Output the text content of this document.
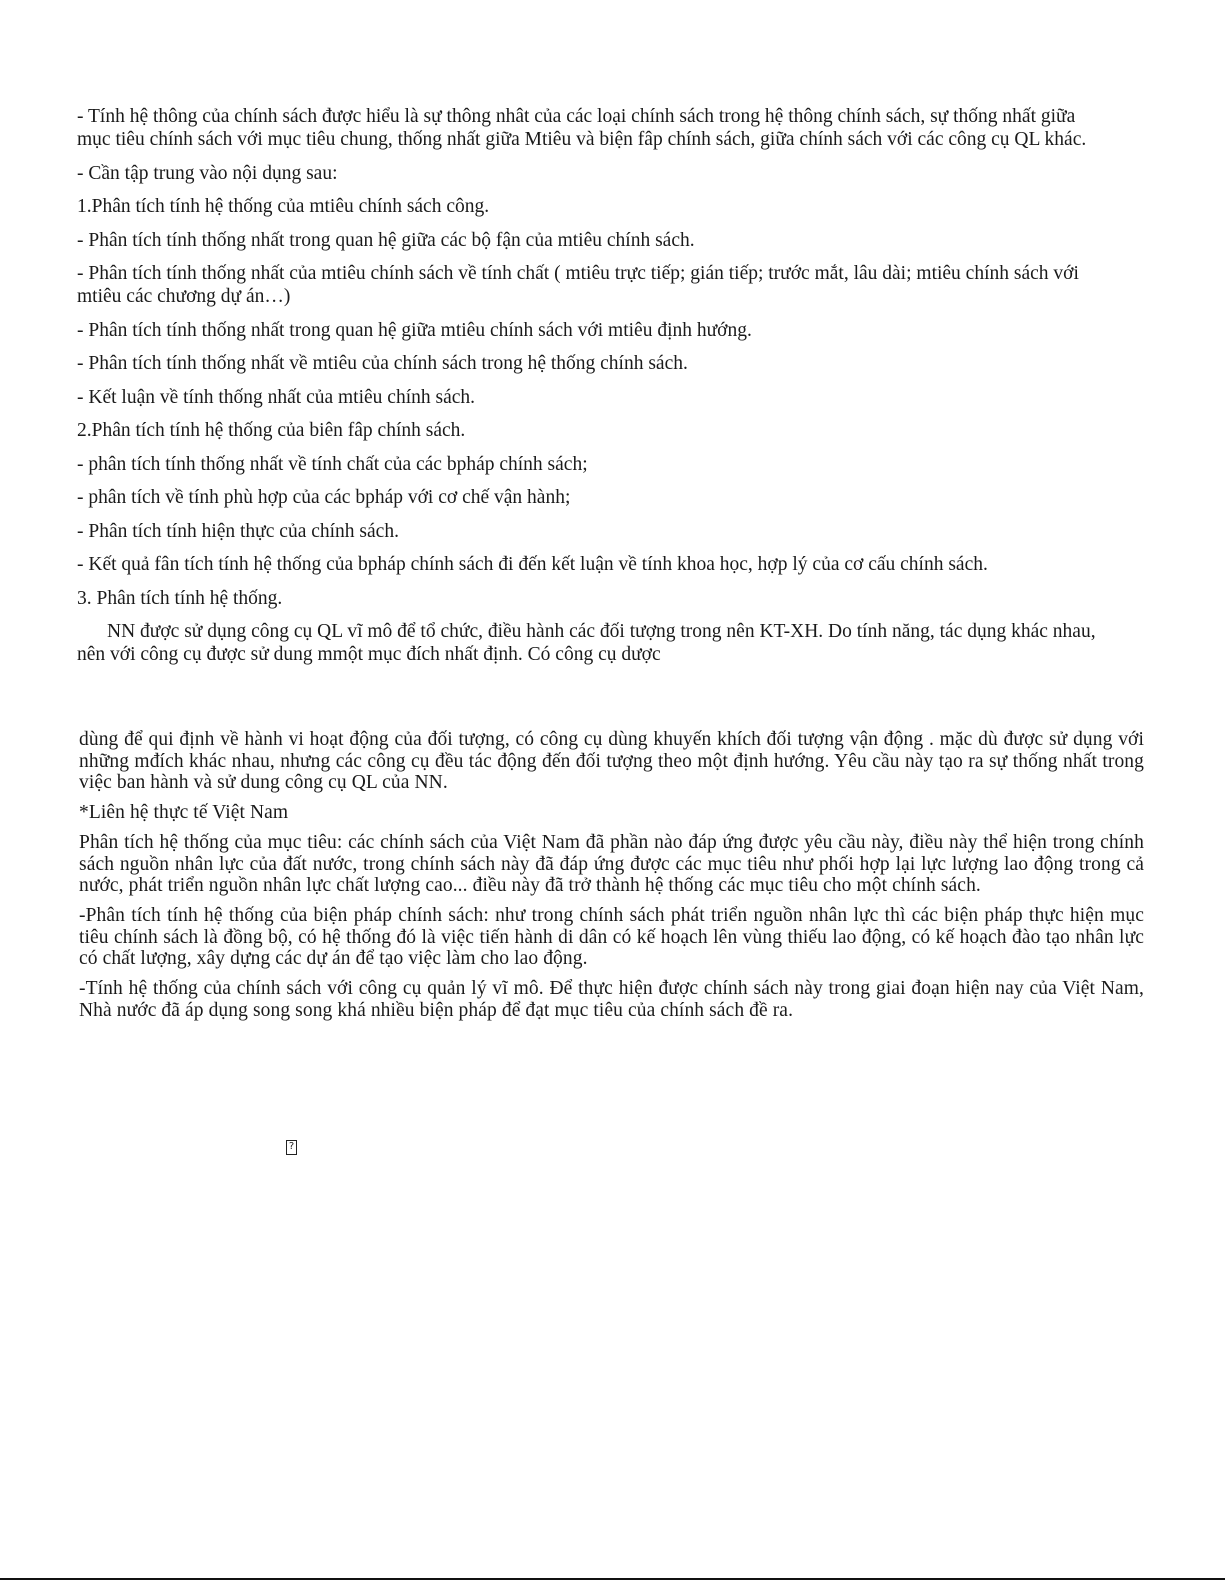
- Tính hệ thông của chính sách được hiểu là sự thông nhât của các loại chính sách trong hệ thông chính sách, sự thống nhất giữa mục tiêu chính sách với mục tiêu chung, thống nhất giữa Mtiêu và biện fâp chính sách, giữa chính sách với các công cụ QL khác.

- Cần tập trung vào nội dụng sau:

1.Phân tích tính hệ thống của mtiêu chính sách công.

- Phân tích tính thống nhất trong quan hệ giữa các bộ fận của mtiêu chính sách.

- Phân tích tính thống nhất của mtiêu chính sách về tính chất ( mtiêu trực tiếp; gián tiếp; trước mắt, lâu dài; mtiêu chính sách với mtiêu các chương dự án…)

- Phân tích tính thống nhất trong quan hệ giữa mtiêu chính sách với mtiêu định hướng.

- Phân tích tính thống nhất về mtiêu của chính sách trong hệ thống chính sách.

- Kết luận về tính thống nhất của mtiêu chính sách.

2.Phân tích tính hệ thống của biên fâp chính sách.

- phân tích tính thống nhất về tính chất của các bpháp chính sách;

- phân tích về tính phù hợp của các bpháp với cơ chế vận hành;

- Phân tích tính hiện thực của chính sách.

- Kết quả fân tích tính hệ thống của bpháp chính sách đi đến kết luận về tính khoa học, hợp lý của cơ cấu chính sách.

3. Phân tích tính hệ thống.

NN được sử dụng công cụ QL vĩ mô để tổ chức, điều hành các đối tượng trong nên KT-XH. Do tính năng, tác dụng khác nhau, nên với công cụ được sử dung mmột mục đích nhất định. Có công cụ dược

dùng để qui định về hành vi hoạt động của đối tượng, có công cụ dùng khuyến khích đối tượng vận động . mặc dù được sử dụng với những mđích khác nhau, nhưng các công cụ đều tác động đến đối tượng theo một định hướng. Yêu cầu này tạo ra sự thống nhất trong việc ban hành và sử dung công cụ QL của NN.

*Liên hệ thực tế Việt Nam

Phân tích hệ thống của mục tiêu: các chính sách của Việt Nam đã phần nào đáp ứng được yêu cầu này, điều này thể hiện trong chính sách nguồn nhân lực của đất nước, trong chính sách này đã đáp ứng được các mục tiêu như phối hợp lại lực lượng lao động trong cả nước, phát triển nguồn nhân lực chất lượng cao... điều này đã trở thành hệ thống các mục tiêu cho một chính sách.

-Phân tích tính hệ thống của biện pháp chính sách: như trong chính sách phát triển nguồn nhân lực thì các biện pháp thực hiện mục tiêu chính sách là đồng bộ, có hệ thống đó là việc tiến hành di dân có kế hoạch lên vùng thiếu lao động, có kế hoạch đào tạo nhân lực có chất lượng, xây dựng các dự án để tạo việc làm cho lao động.

-Tính hệ thống của chính sách với công cụ quản lý vĩ mô. Để thực hiện được chính sách này trong giai đoạn hiện nay của Việt Nam, Nhà nước đã áp dụng song song khá nhiều biện pháp để đạt mục tiêu của chính sách đề ra.

?
